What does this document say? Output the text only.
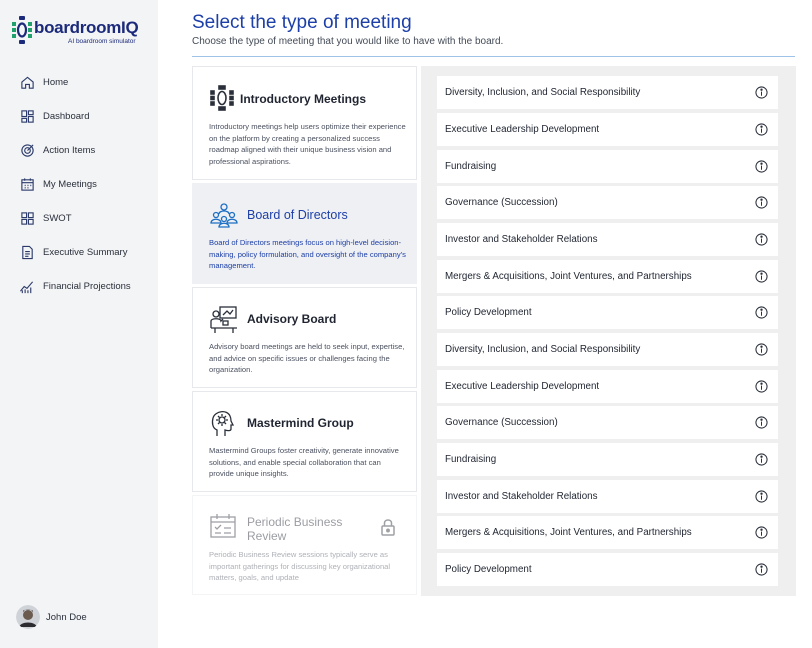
boardroomIQ
AI boardroom simulator
Home
Dashboard
Action Items
My Meetings
SWOT
Executive Summary
Financial Projections
John Doe
Select the type of meeting
Choose the type of meeting that you would like to have with the board.
Introductory Meetings
Introductory meetings help users optimize their experience on the platform by creating a personalized success roadmap aligned with their unique business vision and professional aspirations.
Board of Directors
Board of Directors meetings focus on high-level decision-making, policy formulation, and oversight of the company's management.
Advisory Board
Advisory board meetings are held to seek input, expertise, and advice on specific issues or challenges facing the organization.
Mastermind Group
Mastermind Groups foster creativity, generate innovative solutions, and enable special collaboration that can provide unique insights.
Periodic Business Review
Periodic Business Review sessions typically serve as important gatherings for discussing key organizational matters, goals, and update
Diversity, Inclusion, and Social Responsibility
Executive Leadership Development
Fundraising
Governance (Succession)
Investor and Stakeholder Relations
Mergers & Acquisitions, Joint Ventures, and Partnerships
Policy Development
Diversity, Inclusion, and Social Responsibility
Executive Leadership Development
Governance (Succession)
Fundraising
Investor and Stakeholder Relations
Mergers & Acquisitions, Joint Ventures, and Partnerships
Policy Development
